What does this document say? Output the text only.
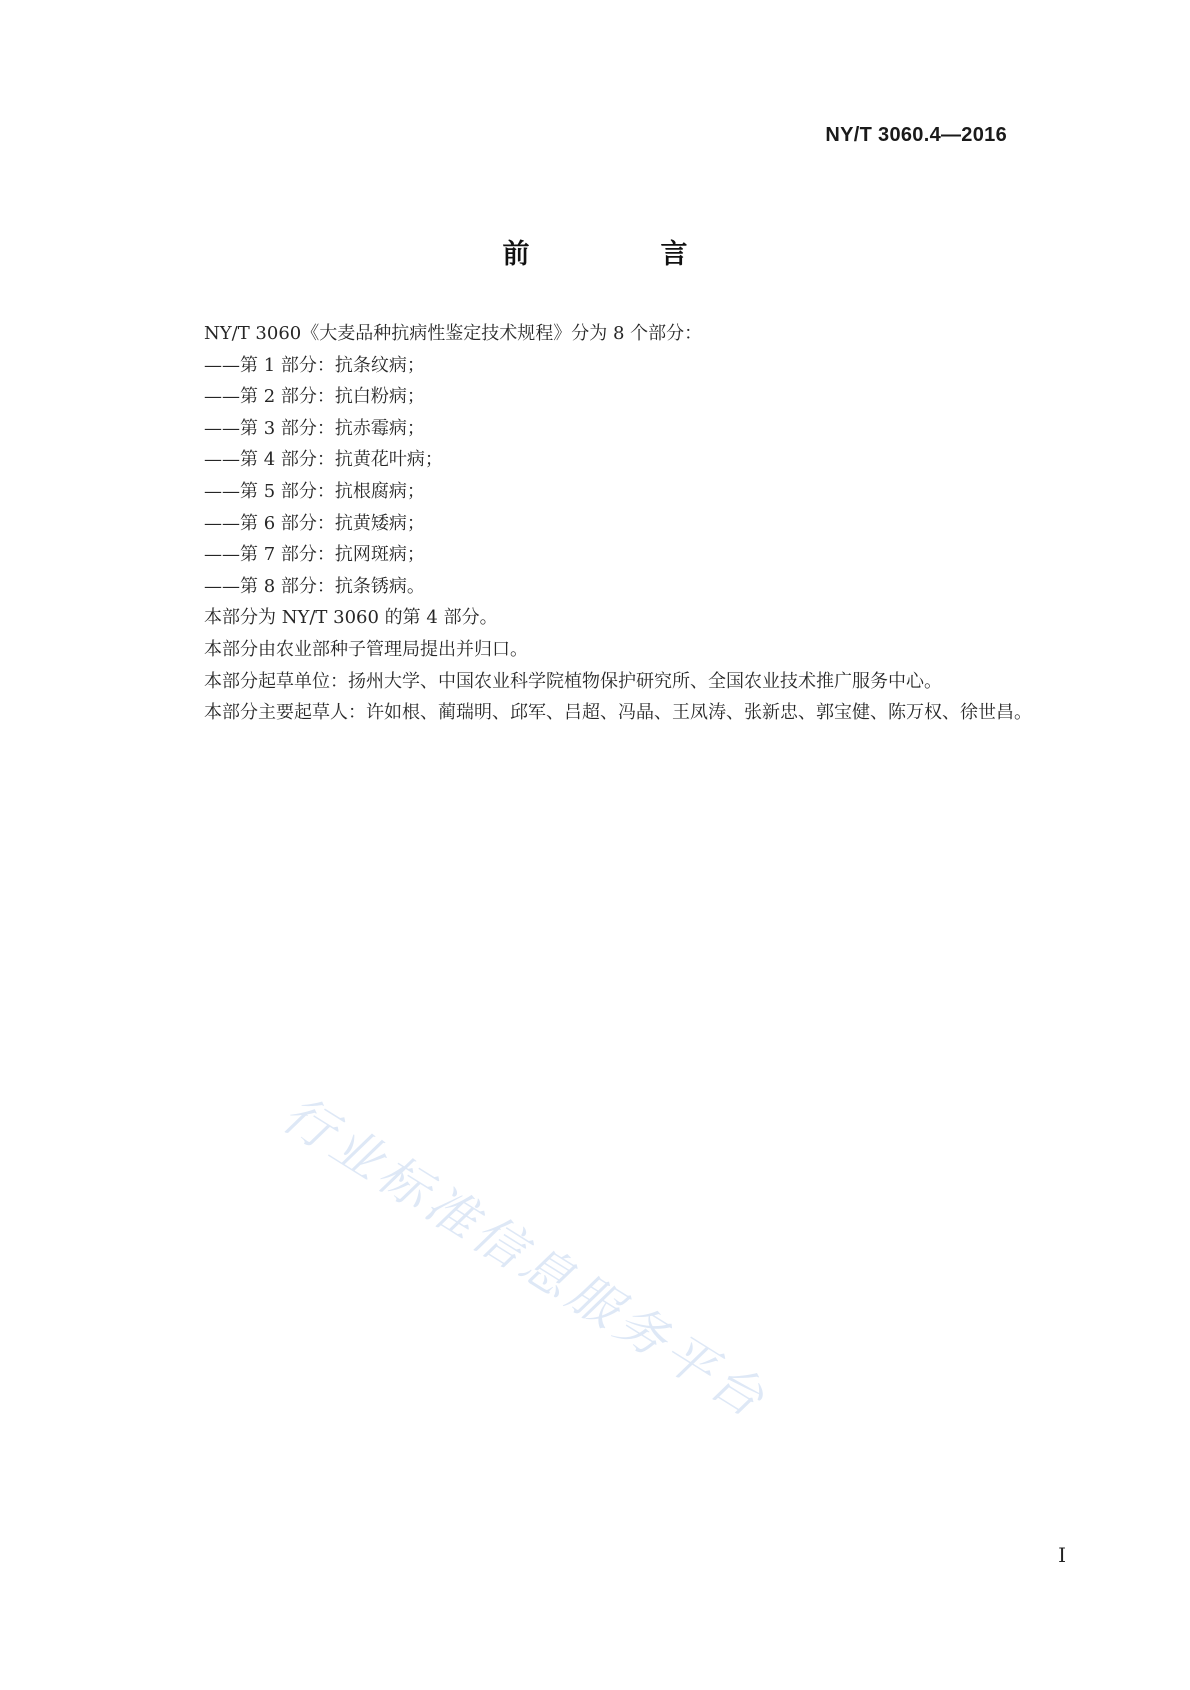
NY/T 3060.4—2016
前　言

NY/T 3060《大麦品种抗病性鉴定技术规程》分为 8 个部分：

——第 1 部分：抗条纹病；

——第 2 部分：抗白粉病；

——第 3 部分：抗赤霉病；

——第 4 部分：抗黄花叶病；

——第 5 部分：抗根腐病；

——第 6 部分：抗黄矮病；

——第 7 部分：抗网斑病；

——第 8 部分：抗条锈病。

本部分为 NY/T 3060 的第 4 部分。

本部分由农业部种子管理局提出并归口。

本部分起草单位：扬州大学、中国农业科学院植物保护研究所、全国农业技术推广服务中心。

本部分主要起草人：许如根、蔺瑞明、邱军、吕超、冯晶、王凤涛、张新忠、郭宝健、陈万权、徐世昌。

行业标准信息服务平台
I
